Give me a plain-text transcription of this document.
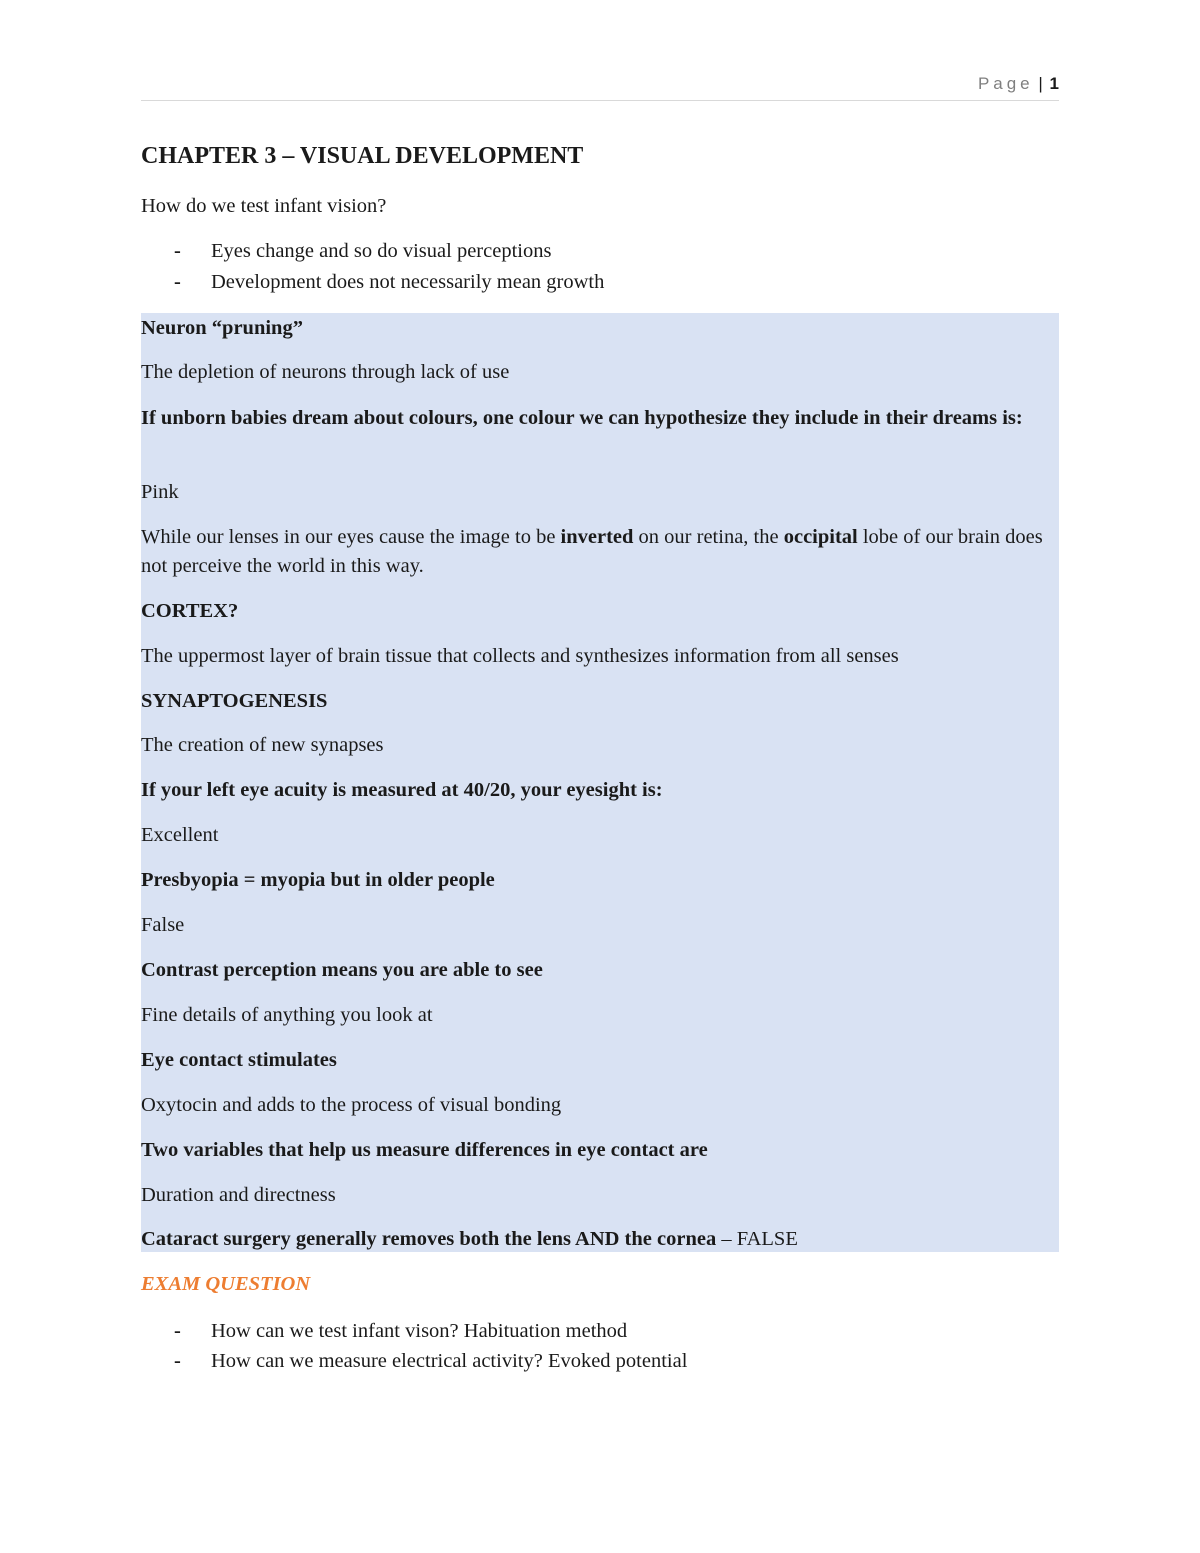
Page | 1
CHAPTER 3 – VISUAL DEVELOPMENT

How do we test infant vision?

- Eyes change and so do visual perceptions
- Development does not necessarily mean growth

Neuron “pruning”

The depletion of neurons through lack of use

If unborn babies dream about colours, one colour we can hypothesize they include in their dreams is:

Pink

While our lenses in our eyes cause the image to be inverted on our retina, the occipital lobe of our brain does not perceive the world in this way.

CORTEX?

The uppermost layer of brain tissue that collects and synthesizes information from all senses

SYNAPTOGENESIS

The creation of new synapses

If your left eye acuity is measured at 40/20, your eyesight is:

Excellent

Presbyopia = myopia but in older people

False

Contrast perception means you are able to see

Fine details of anything you look at

Eye contact stimulates

Oxytocin and adds to the process of visual bonding

Two variables that help us measure differences in eye contact are

Duration and directness

Cataract surgery generally removes both the lens AND the cornea – FALSE

EXAM QUESTION

- How can we test infant vison? Habituation method
- How can we measure electrical activity? Evoked potential
